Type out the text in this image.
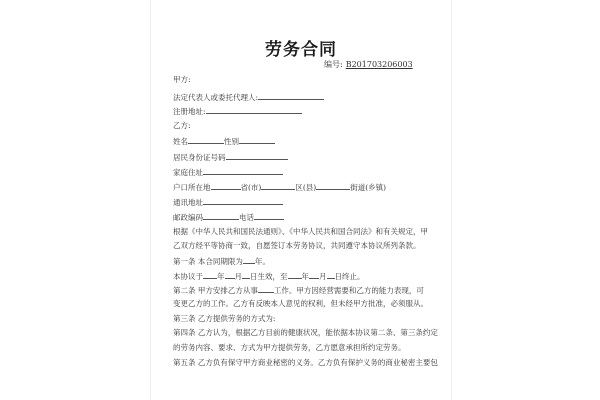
劳务合同
编号: B201703206003
甲方:
法定代表人或委托代理人:
注册地址:
乙方:
姓名	性别
居民身份证号码
家庭住址
户口所在地	省(市)	区(县)	街道(乡镇)
通讯地址
邮政编码	电话
根据《中华人民共和国民法通则》、《中华人民共和国合同法》和有关规定，甲
乙双方经平等协商一致，自愿签订本劳务协议，共同遵守本协议所列条款。
第一条 本合同期限为 年。
本协议于 年 月 日生效，至 年 月 日终止。
第二条 甲方安排乙方从事 工作。甲方因经营需要和乙方的能力表现，可
变更乙方的工作。乙方有反映本人意见的权利，但未经甲方批准，必须服从。
第三条 乙方提供劳务的方式为:
第四条 乙方认为，根据乙方目前的健康状况，能依据本协议第二条、第三条约定
的劳务内容、要求、方式为甲方提供劳务，乙方愿意承担所约定劳务。
第五条 乙方负有保守甲方商业秘密的义务。乙方负有保护义务的商业秘密主要包
